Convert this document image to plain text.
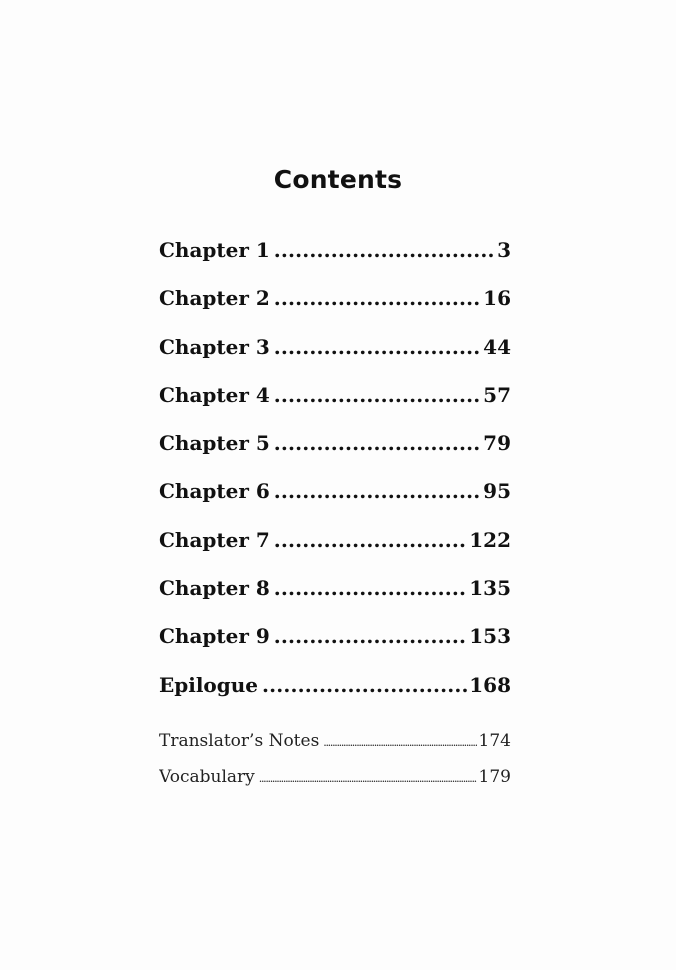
Contents
Chapter 1 . . .	3
Chapter 2 . . .	16
Chapter 3 . . .	44
Chapter 4 . . .	57
Chapter 5 . . .	79
Chapter 6 . . .	95
Chapter 7 . . .	122
Chapter 8 . . .	135
Chapter 9 . . .	153
Epilogue . . .	168
Translator’s Notes . . .	174
Vocabulary . . .	179
